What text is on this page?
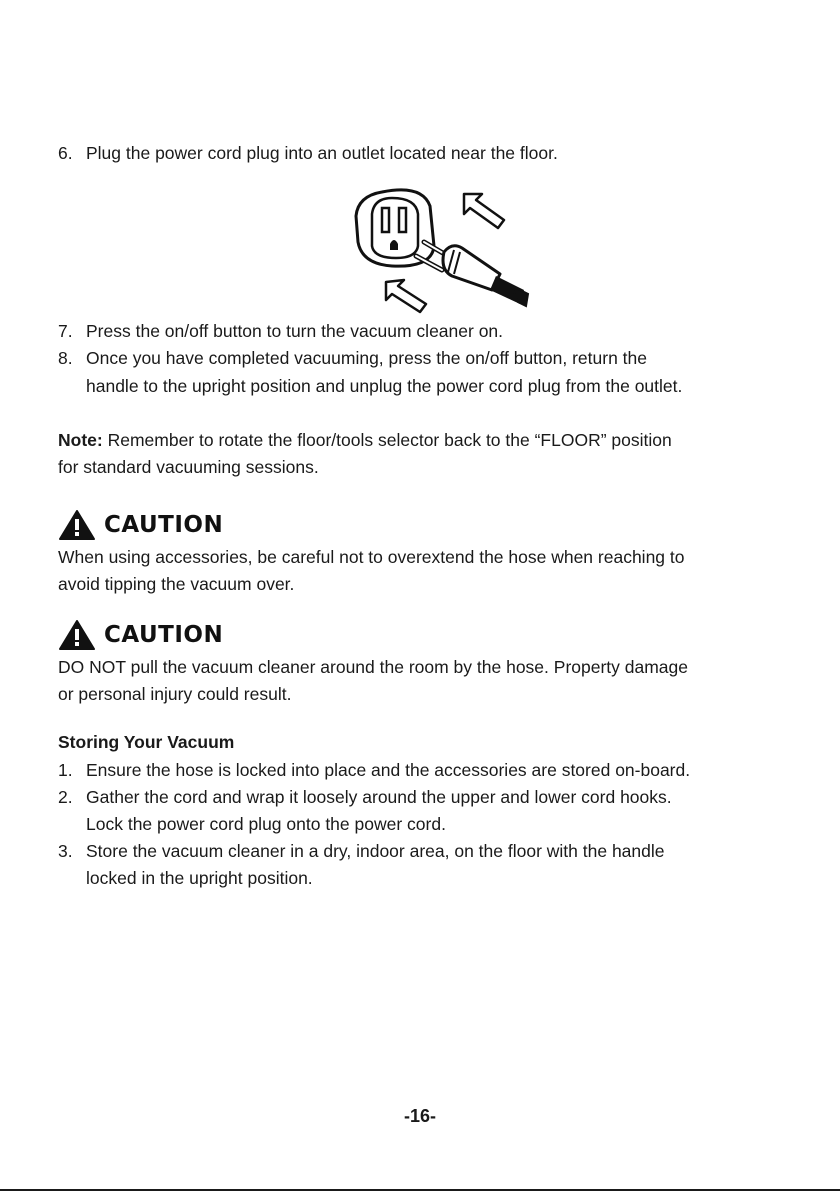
6. Plug the power cord plug into an outlet located near the floor.
7. Press the on/off button to turn the vacuum cleaner on.
8. Once you have completed vacuuming, press the on/off button, return the
handle to the upright position and unplug the power cord plug from the outlet.
Note: Remember to rotate the floor/tools selector back to the “FLOOR” position
for standard vacuuming sessions.
CAUTION
When using accessories, be careful not to overextend the hose when reaching to
avoid tipping the vacuum over.
CAUTION
DO NOT pull the vacuum cleaner around the room by the hose. Property damage
or personal injury could result.
Storing Your Vacuum
1. Ensure the hose is locked into place and the accessories are stored on-board.
2. Gather the cord and wrap it loosely around the upper and lower cord hooks.
Lock the power cord plug onto the power cord.
3. Store the vacuum cleaner in a dry, indoor area, on the floor with the handle
locked in the upright position.
-16-
